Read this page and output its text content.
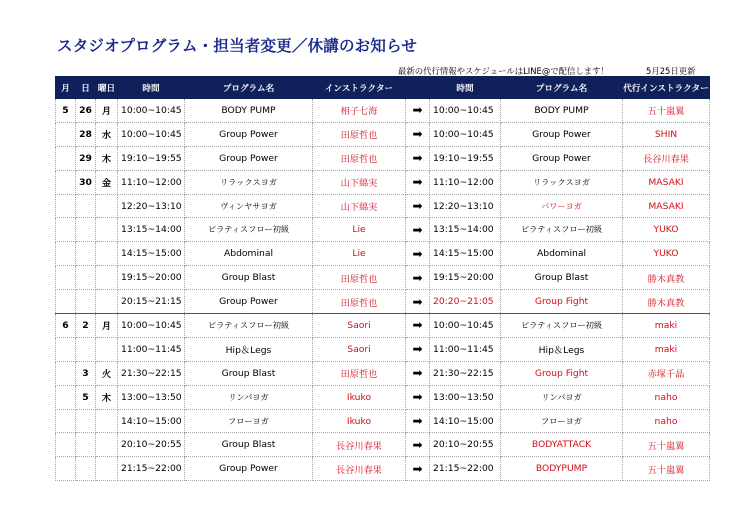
スタジオプログラム・担当者変更／休講のお知らせ
最新の代行情報やスケジュールはLINE@で配信します！	5月25日更新
月	日	曜日	時間	プログラム名	インストラクター		時間	プログラム名	代行インストラクター
5	26	月	10:00~10:45	BODY PUMP	相子七海	➡	10:00~10:45	BODY PUMP	五十嵐翼
	28	水	10:00~10:45	Group Power	田原哲也	➡	10:00~10:45	Group Power	SHIN
	29	木	19:10~19:55	Group Power	田原哲也	➡	19:10~19:55	Group Power	長谷川春果
	30	金	11:10~12:00	リラックスヨガ	山下綿実	➡	11:10~12:00	リラックスヨガ	MASAKI
			12:20~13:10	ヴィンヤサヨガ	山下綿実	➡	12:20~13:10	パワーヨガ	MASAKI
			13:15~14:00	ピラティスフロー初級	Lie	➡	13:15~14:00	ピラティスフロー初級	YUKO
			14:15~15:00	Abdominal	Lie	➡	14:15~15:00	Abdominal	YUKO
			19:15~20:00	Group Blast	田原哲也	➡	19:15~20:00	Group Blast	勝木真教
			20:15~21:15	Group Power	田原哲也	➡	20:20~21:05	Group Fight	勝木真教
6	2	月	10:00~10:45	ピラティスフロー初級	Saori	➡	10:00~10:45	ピラティスフロー初級	maki
			11:00~11:45	Hip＆Legs	Saori	➡	11:00~11:45	Hip＆Legs	maki
	3	火	21:30~22:15	Group Blast	田原哲也	➡	21:30~22:15	Group Fight	赤塚千晶
	5	木	13:00~13:50	リンパヨガ	Ikuko	➡	13:00~13:50	リンパヨガ	naho
			14:10~15:00	フローヨガ	Ikuko	➡	14:10~15:00	フローヨガ	naho
			20:10~20:55	Group Blast	長谷川春果	➡	20:10~20:55	BODYATTACK	五十嵐翼
			21:15~22:00	Group Power	長谷川春果	➡	21:15~22:00	BODYPUMP	五十嵐翼
